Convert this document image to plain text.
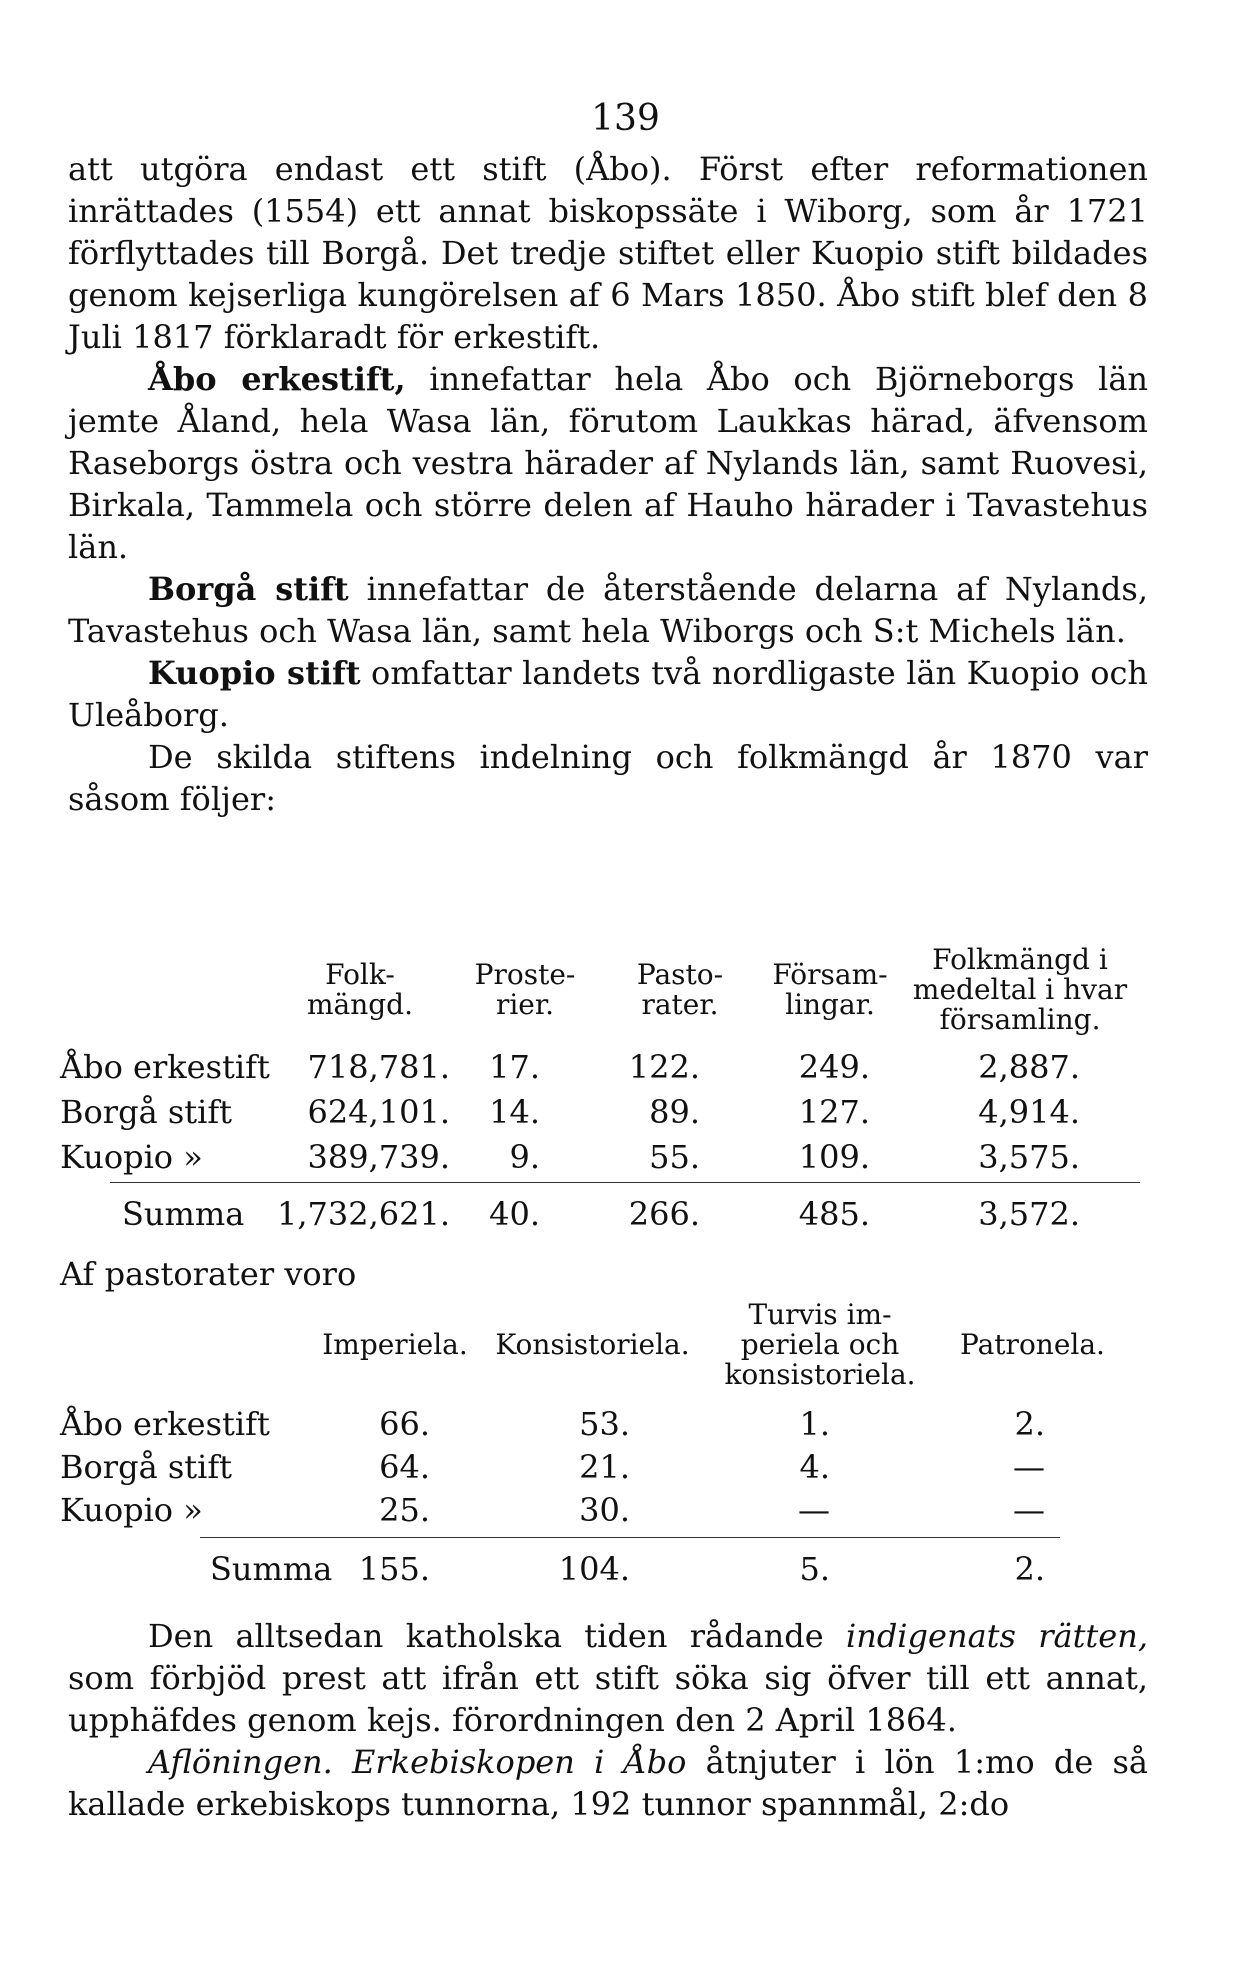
139

att utgöra endast ett stift (Åbo). Först efter reformationen inrättades (1554) ett annat biskopssäte i Wiborg, som år 1721 förflyttades till Borgå. Det tredje stiftet eller Kuopio stift bildades genom kejserliga kungörelsen af 6 Mars 1850. Åbo stift blef den 8 Juli 1817 förklaradt för erkestift.

Åbo erkestift, innefattar hela Åbo och Björneborgs län jemte Åland, hela Wasa län, förutom Laukkas härad, äfvensom Raseborgs östra och vestra härader af Nylands län, samt Ruovesi, Birkala, Tammela och större delen af Hauho härader i Tavastehus län.

Borgå stift innefattar de återstående delarna af Nylands, Tavastehus och Wasa län, samt hela Wiborgs och S:t Michels län.

Kuopio stift omfattar landets två nordligaste län Kuopio och Uleåborg.

De skilda stiftens indelning och folkmängd år 1870 var såsom följer:

Folk-
mängd.
Proste-
rier.
Pasto-
rater.
Försam-
lingar.
Folkmängd i
medeltal i hvar
församling.
Åbo erkestift	718,781.	17.	122.	249.	2,887.
Borgå stift	624,101.	14.	89.	127.	4,914.
Kuopio »	389,739.	9.	55.	109.	3,575.
Summa	1,732,621.	40.	266.	485.	3,572.
Af pastorater voro
Imperiela. Konsistoriela.
Turvis im-
periela och
konsistoriela.
Patronela.
Åbo erkestift	66.	53.	1.	2.
Borgå stift	64.	21.	4.	—
Kuopio »	25.	30.	—	—
Summa 155.	104.	5.	2.

Den alltsedan katholska tiden rådande indigenats rätten, som förbjöd prest att ifrån ett stift söka sig öfver till ett annat, upphäfdes genom kejs. förordningen den 2 April 1864.

Aflöningen. Erkebiskopen i Åbo åtnjuter i lön 1:mo de så kallade erkebiskops tunnorna, 192 tunnor spannmål, 2:do
